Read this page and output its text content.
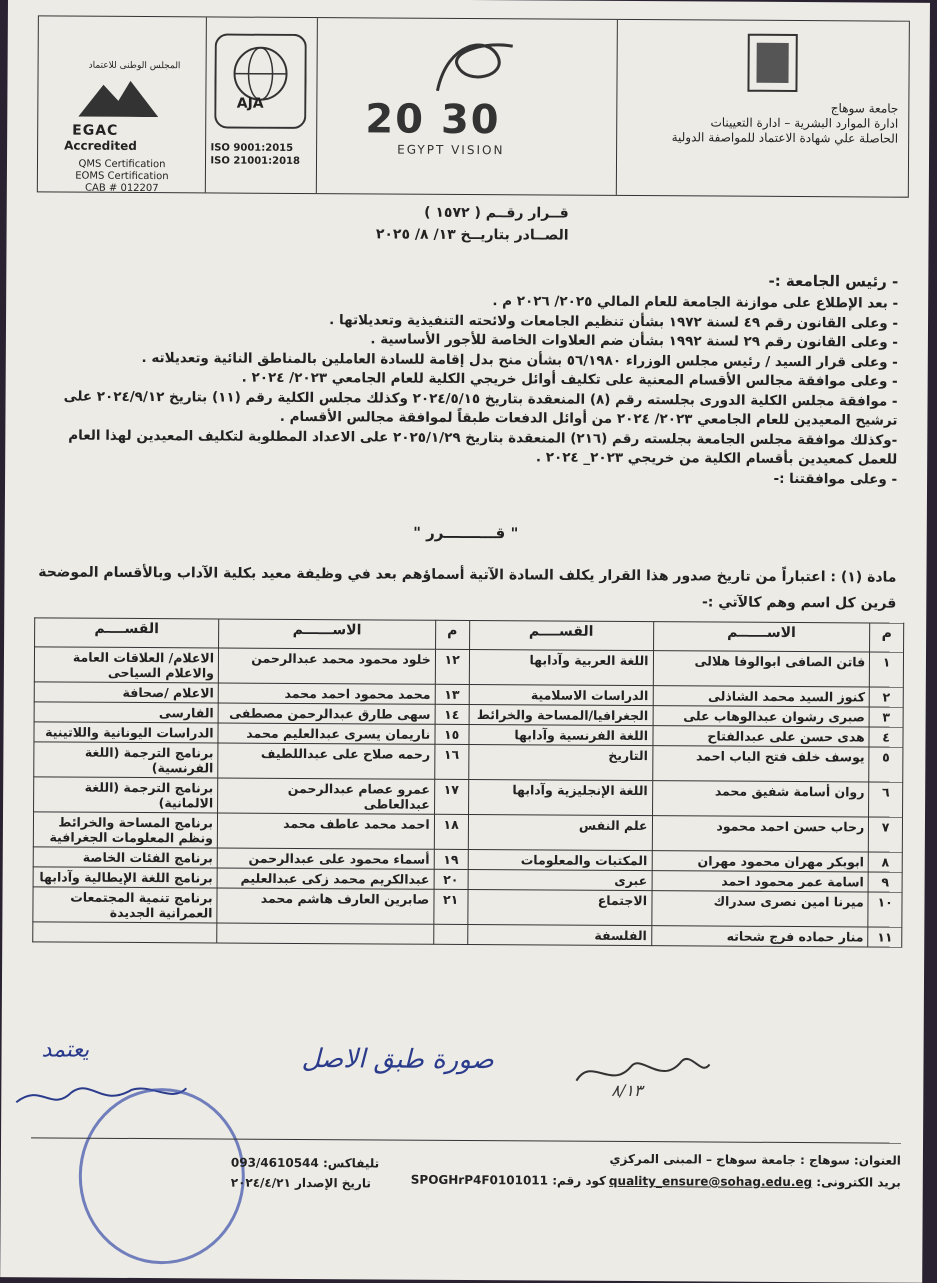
المجلس الوطنى للاعتماد
EGAC
Accredited
QMS Certification
EOMS Certification
CAB # 012207
AJA
ISO 9001:2015
ISO 21001:2018
20 30
EGYPT VISION
جامعة سوهاج
ادارة الموارد البشرية – ادارة التعيينات
الحاصلة علي شهادة الاعتماد للمواصفة الدولية
قــرار رقــم ( ١٥٧٢ )
الصــادر بتاريــخ ١٣/ ٨/ ٢٠٢٥
- رئيس الجامعة :-

- بعد الإطلاع على موازنة الجامعة للعام المالي ٢٠٢٥/ ٢٠٢٦ م .

- وعلى القانون رقم ٤٩ لسنة ١٩٧٢ بشأن تنظيم الجامعات ولائحته التنفيذية وتعديلاتها .

- وعلى القانون رقم ٢٩ لسنة ١٩٩٢ بشأن ضم العلاوات الخاصة للأجور الأساسية .

- وعلى قرار السيد / رئيس مجلس الوزراء ٥٦/١٩٨٠ بشأن منح بدل إقامة للسادة العاملين بالمناطق النائية وتعديلاته .

- وعلى موافقة مجالس الأقسام المعنية على تكليف أوائل خريجي الكلية للعام الجامعي ٢٠٢٣/ ٢٠٢٤ .

- موافقة مجلس الكلية الدورى بجلسته رقم (٨) المنعقدة بتاريخ ٢٠٢٤/٥/١٥ وكذلك مجلس الكلية رقم (١١) بتاريخ ٢٠٢٤/٩/١٢ على ترشيح المعيدين للعام الجامعي ٢٠٢٣/ ٢٠٢٤ من أوائل الدفعات طبقاً لموافقة مجالس الأقسام .

-وكذلك موافقة مجلس الجامعة بجلسته رقم (٢١٦) المنعقدة بتاريخ ٢٠٢٥/١/٢٩ على الاعداد المطلوبة لتكليف المعيدين لهذا العام للعمل كمعيدين بأقسام الكلية من خريجي ٢٠٢٣_ ٢٠٢٤ .

- وعلى موافقتنا :-

" قــــــــــرر "
مادة (١) : اعتباراً من تاريخ صدور هذا القرار يكلف السادة الآتية أسماؤهم بعد في وظيفة معيد بكلية الآداب وبالأقسام الموضحة قرين كل اسم وهم كالآتي :-
م	الاســــــم	القســــم	م	الاســــــم	القســــم
١	فاتن الصافى ابوالوفا هلالى	اللغة العربية وآدابها	١٢	خلود محمود محمد عبدالرحمن	الاعلام/ العلاقات العامة والاعلام السياحى
٢	كنوز السيد محمد الشاذلى	الدراسات الاسلامية	١٣	محمد محمود احمد محمد	الاعلام /صحافة
٣	صبرى رشوان عبدالوهاب على	الجغرافيا/المساحة والخرائط	١٤	سهى طارق عبدالرحمن مصطفى	الفارسى
٤	هدى حسن على عبدالفتاح	اللغة الفرنسية وآدابها	١٥	ناريمان يسرى عبدالعليم محمد	الدراسات اليونانية واللاتينية
٥	يوسف خلف فتح الباب احمد	التاريخ	١٦	رحمه صلاح على عبداللطيف	برنامج الترجمة (اللغة الفرنسية)
٦	روان أسامة شفيق محمد	اللغة الإنجليزية وآدابها	١٧	عمرو عصام عبدالرحمن عبدالعاطى	برنامج الترجمة (اللغة الالمانية)
٧	رحاب حسن احمد محمود	علم النفس	١٨	احمد محمد عاطف محمد	برنامج المساحة والخرائط ونظم المعلومات الجغرافية
٨	ابوبكر مهران محمود مهران	المكتبات والمعلومات	١٩	أسماء محمود على عبدالرحمن	برنامج الفئات الخاصة
٩	اسامة عمر محمود احمد	عبرى	٢٠	عبدالكريم محمد زكى عبدالعليم	برنامج اللغة الإيطالية وآدابها
١٠	ميرنا امين نصرى سدراك	الاجتماع	٢١	صابرين العارف هاشم محمد	برنامج تنمية المجتمعات العمرانية الجديدة
١١	منار حماده فرج شحاته	الفلسفة			
يعتمد	صورة طبق الاصل
٨/١٣
العنوان: سوهاج : جامعة سوهاج – المبنى المركزي
بريد الكترونى: quality_ensure@sohag.edu.eg
كود رقم: SPOGHrP4F0101011
تليفاكس: 093/4610544
تاريخ الإصدار ٢٠٢٤/٤/٢١
